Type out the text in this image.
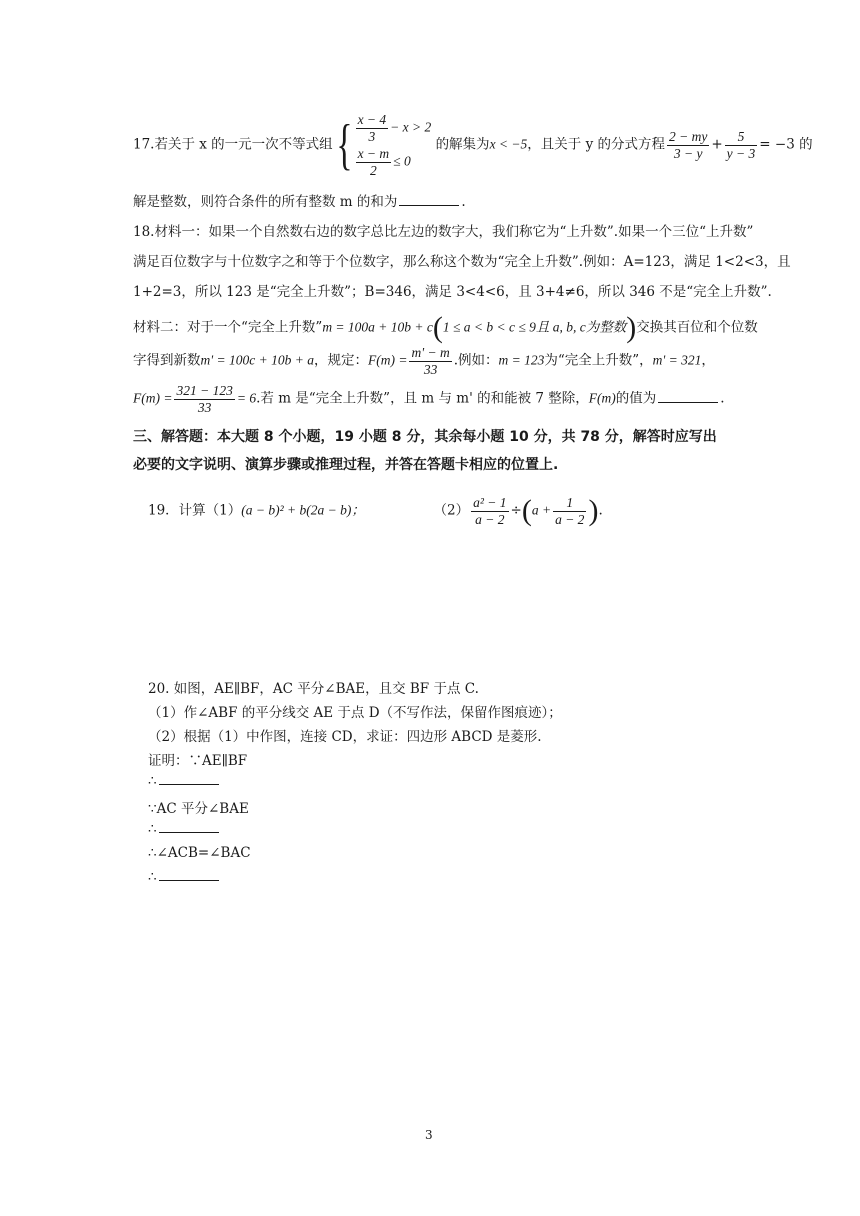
17.若关于 x 的一元一次不等式组{ $\frac{x - 4}{3} - x > 2$
$\frac{x - m}{2} \le 0$
的解集为x < −5，且关于 y 的分式方程 $\frac{2 - my}{3 - y} + \frac{5}{y - 3} = -3$ 的
解是整数，则符合条件的所有整数 m 的和为	.
18.材料一：如果一个自然数右边的数字总比左边的数字大，我们称它为“上升数”.如果一个三位“上升数”
满足百位数字与十位数字之和等于个位数字，那么称这个数为“完全上升数”.例如：A=123，满足 1<2<3，且
1+2=3，所以 123 是“完全上升数”；B=346，满足 3<4<6，且 3+4≠6，所以 346 不是“完全上升数”.
材料二：对于一个“完全上升数”m = 100a + 10b + c(1 ≤ a < b < c ≤ 9且 a, b, c为整数)交换其百位和个位数
字得到新数m' = 100c + 10b + a，规定：$F(m) = \frac{m' - m}{33}$ .例如：m = 123为“完全上升数”，m' = 321，
$F(m) = \frac{321 - 123}{33} = 6$.若 m 是“完全上升数”，且 m 与 m' 的和能被 7 整除，F(m)的值为	.
三、解答题：本大题 8 个小题，19 小题 8 分，其余每小题 10 分，共 78 分，解答时应写出
必要的文字说明、演算步骤或推理过程，并答在答题卡相应的位置上.
19．计算（1）(a − b)² + b(2a − b)；	$(2) \frac{\text{a² − 1}}{a - 2} \div(a + \frac{1}{a - 2}$ ).
20. 如图，AE∥BF，AC 平分∠BAE，且交 BF 于点 C.
（1）作∠ABF 的平分线交 AE 于点 D（不写作法，保留作图痕迹）；
（2）根据（1）中作图，连接 CD，求证：四边形 ABCD 是菱形.
证明：∵AE∥BF
∴
∵AC 平分∠BAE
∴
∴∠ACB=∠BAC
∴
3
